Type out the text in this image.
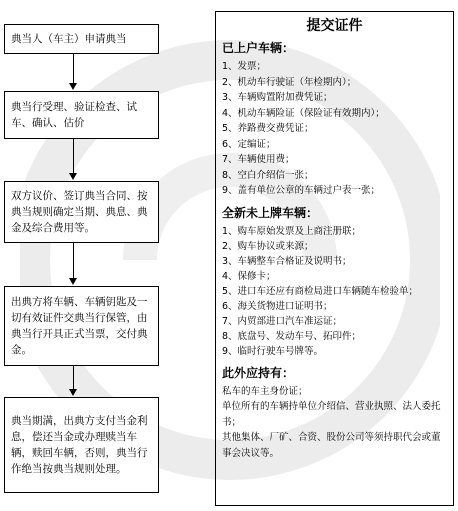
典当人（车主）申请典当
典当行受理、验证检查、试车、确认、估价
双方议价、签订典当合同、按典当规则确定当期、典息、典金及综合费用等。
出典方将车辆、车辆钥匙及一切有效证件交典当行保管，由典当行开具正式当票，交付典金。
典当期满，出典方支付当金利息，偿还当金或办理赎当车辆，赎回车辆，否则，典当行作绝当按典当规则处理。
提交证件
已上户车辆：
1、发票；
2、机动车行驶证（年检期内）；
3、车辆购置附加费凭证；
4、机动车辆险证（保险证有效期内）；
5、养路费交费凭证；
6、定编证；
7、车辆使用费；
8、空白介绍信一张；
9、盖有单位公章的车辆过户表一张；
全新未上牌车辆：
1、购车原始发票及上商注册联；
2、购车协议或来源；
3、车辆整车合格证及说明书；
4、保修卡；
5、进口车还应有商检局进口车辆随车检验单；
6、海关货物进口证明书；
7、内贸部进口汽车准运证；
8、底盘号、发动车号、拓印件；
9、临时行驶车号牌等。
此外应持有：

私车的车主身份证；

单位所有的车辆持单位介绍信、营业执照、法人委托书；

其他集体、厂矿、合资、股份公司等须持职代会或董事会决议等。
